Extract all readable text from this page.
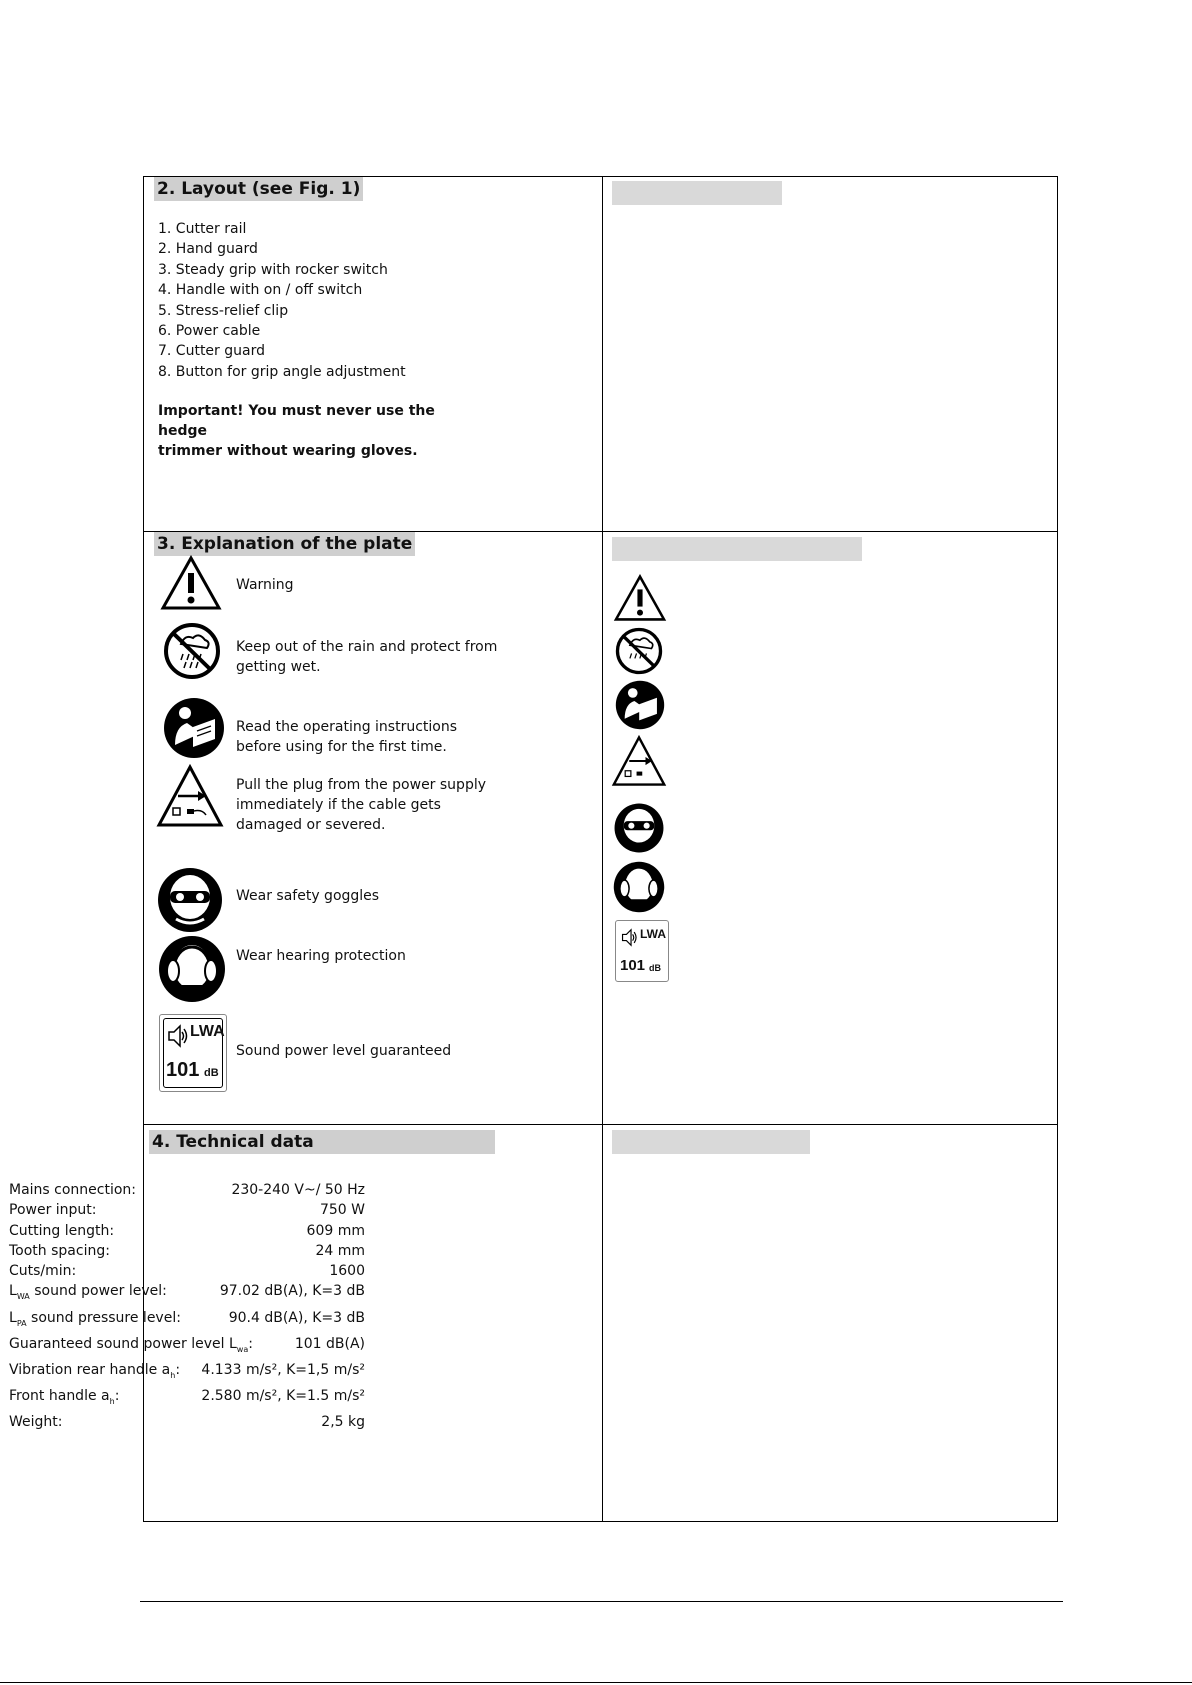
2. Layout (see Fig. 1)
1. Cutter rail
2. Hand guard
3. Steady grip with rocker switch
4. Handle with on / off switch
5. Stress-relief clip
6. Power cable
7. Cutter guard
8. Button for grip angle adjustment
Important! You must never use the hedge
trimmer without wearing gloves.
3. Explanation of the plate
Warning
Keep out of the rain and protect from
getting wet.
Read the operating instructions
before using for the first time.
Pull the plug from the power supply
immediately if the cable gets
damaged or severed.
Wear safety goggles
Wear hearing protection
LWA
101 dB
Sound power level guaranteed
LWA
101 dB
4. Technical data
Mains connection:	230-240 V~/ 50 Hz
Power input:	750 W
Cutting length:	609 mm
Tooth spacing:	24 mm
Cuts/min:	1600
$L_{WA}$ sound power level:	97.02 dB(A), K=3 dB
$L_{PA}$ sound pressure level:	90.4 dB(A), K=3 dB
Guaranteed sound power level $L_{wa}$:	101 dB(A)
Vibration rear handle $a_h$: 4.133 m/s², K=1,5 m/s²
Front handle $a_h$:	2.580 m/s², K=1.5 m/s²
Weight:	2,5 kg
